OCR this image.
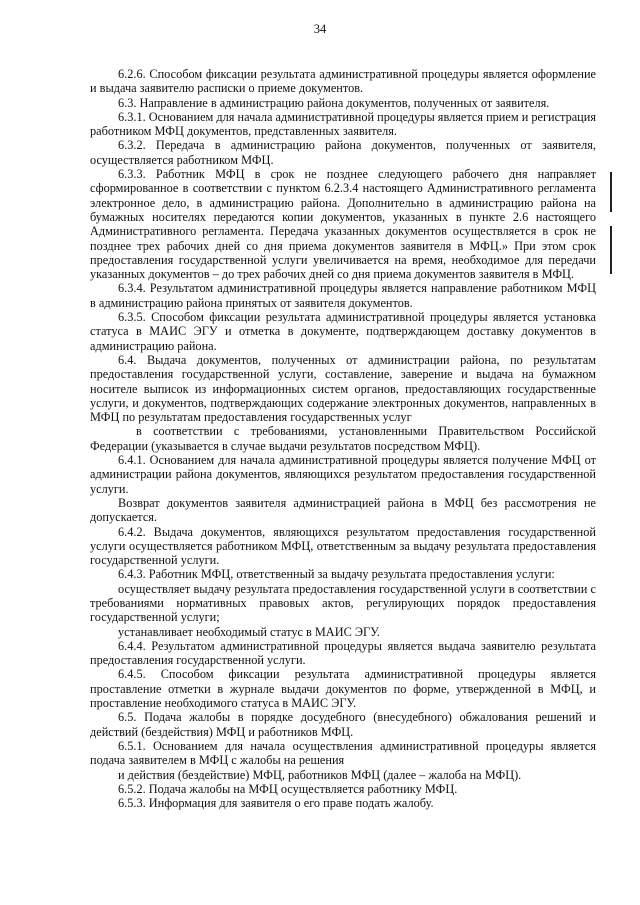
34

6.2.6. Способом фиксации результата административной процедуры является оформление и выдача заявителю расписки о приеме документов.

6.3. Направление в администрацию района документов, полученных от заявителя.

6.3.1. Основанием для начала административной процедуры является прием и регистрация работником МФЦ документов, представленных заявителя.

6.3.2. Передача в администрацию района документов, полученных от заявителя, осуществляется работником МФЦ.

6.3.3. Работник МФЦ в срок не позднее следующего рабочего дня направляет сформированное в соответствии с пунктом 6.2.3.4 настоящего Административного регламента электронное дело, в администрацию района. Дополнительно в администрацию района на бумажных носителях передаются копии документов, указанных в пункте 2.6 настоящего Административного регламента. Передача указанных документов осуществляется в срок не позднее трех рабочих дней со дня приема документов заявителя в МФЦ.» При этом срок предоставления государственной услуги увеличивается на время, необходимое для передачи указанных документов – до трех рабочих дней со дня приема документов заявителя в МФЦ.

6.3.4. Результатом административной процедуры является направление работником МФЦ в администрацию района принятых от заявителя документов.

6.3.5. Способом фиксации результата административной процедуры является установка статуса в МАИС ЭГУ и отметка в документе, подтверждающем доставку документов в администрацию района.

6.4. Выдача документов, полученных от администрации района, по результатам предоставления государственной услуги, составление, заверение и выдача на бумажном носителе выписок из информационных систем органов, предоставляющих государственные услуги, и документов, подтверждающих содержание электронных документов, направленных в МФЦ по результатам предоставления государственных услуг

в соответствии с требованиями, установленными Правительством Российской Федерации (указывается в случае выдачи результатов посредством МФЦ).

6.4.1. Основанием для начала административной процедуры является получение МФЦ от администрации района документов, являющихся результатом предоставления государственной услуги.

Возврат документов заявителя администрацией района в МФЦ без рассмотрения не допускается.

6.4.2. Выдача документов, являющихся результатом предоставления государственной услуги осуществляется работником МФЦ, ответственным за выдачу результата предоставления государственной услуги.

6.4.3. Работник МФЦ, ответственный за выдачу результата предоставления услуги:

осуществляет выдачу результата предоставления государственной услуги в соответствии с требованиями нормативных правовых актов, регулирующих порядок предоставления государственной услуги;

устанавливает необходимый статус в МАИС ЭГУ.

6.4.4. Результатом административной процедуры является выдача заявителю результата предоставления государственной услуги.

6.4.5. Способом фиксации результата административной процедуры является проставление отметки в журнале выдачи документов по форме, утвержденной в МФЦ, и проставление необходимого статуса в МАИС ЭГУ.

6.5. Подача жалобы в порядке досудебного (внесудебного) обжалования решений и действий (бездействия) МФЦ и работников МФЦ.

6.5.1. Основанием для начала осуществления административной процедуры является подача заявителем в МФЦ с жалобы на решения

и действия (бездействие) МФЦ, работников МФЦ (далее – жалоба на МФЦ).

6.5.2. Подача жалобы на МФЦ осуществляется работнику МФЦ.

6.5.3. Информация для заявителя о его праве подать жалобу.
